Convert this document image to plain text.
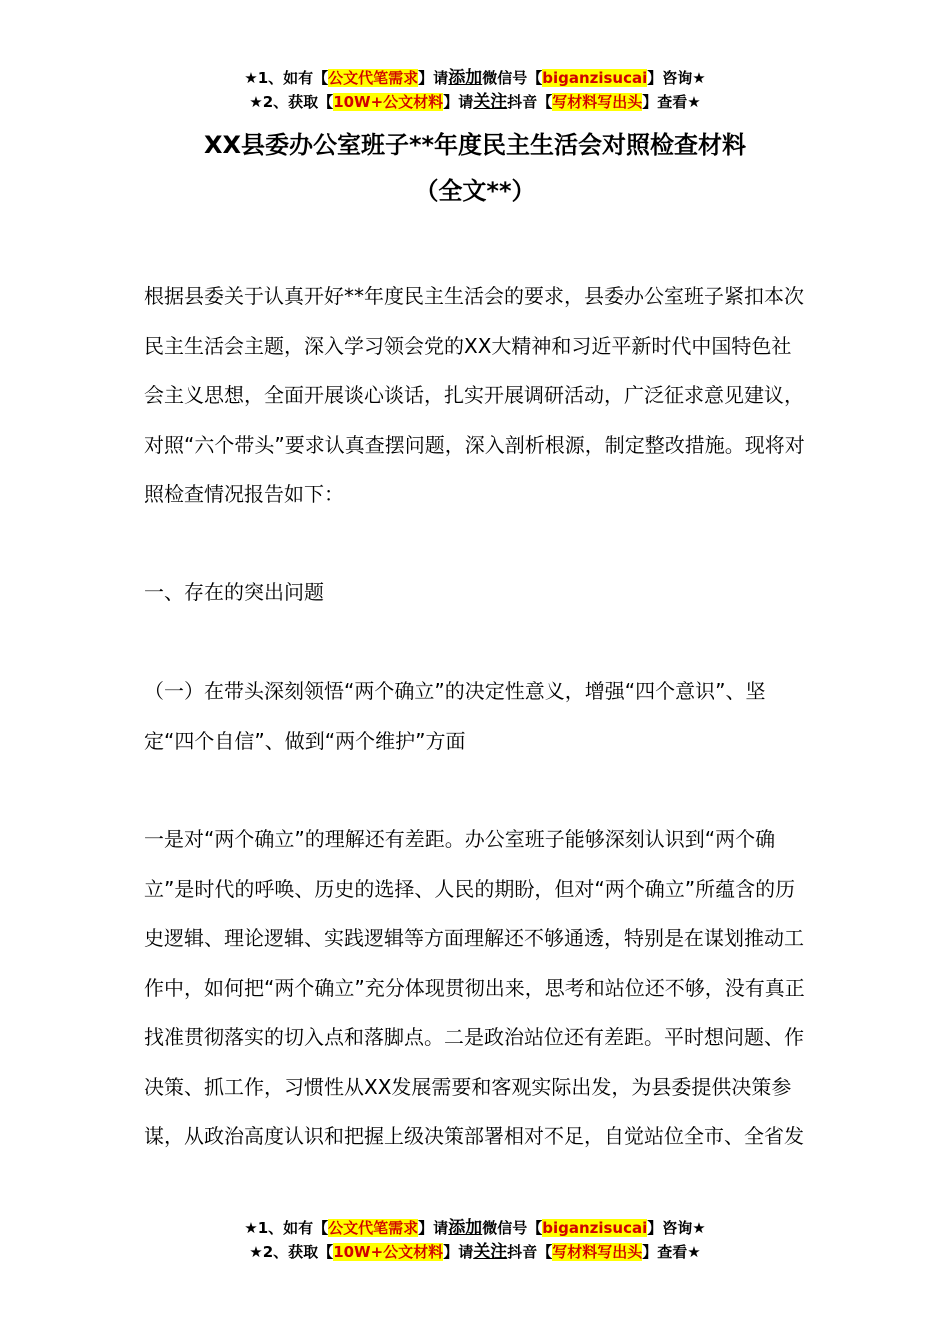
★1、如有【公文代笔需求】请添加微信号【biganzisucai】咨询★
★2、获取【10W+公文材料】请关注抖音【写材料写出头】查看★
XX县委办公室班子**年度民主生活会对照检查材料
（全文**）

根据县委关于认真开好**年度民主生活会的要求，县委办公室班子紧扣本次民主生活会主题，深入学习领会党的XX大精神和习近平新时代中国特色社会主义思想，全面开展谈心谈话，扎实开展调研活动，广泛征求意见建议，对照“六个带头”要求认真查摆问题，深入剖析根源，制定整改措施。现将对照检查情况报告如下：

一、存在的突出问题

（一）在带头深刻领悟“两个确立”的决定性意义，增强“四个意识”、坚定“四个自信”、做到“两个维护”方面

一是对“两个确立”的理解还有差距。办公室班子能够深刻认识到“两个确立”是时代的呼唤、历史的选择、人民的期盼，但对“两个确立”所蕴含的历史逻辑、理论逻辑、实践逻辑等方面理解还不够通透，特别是在谋划推动工作中，如何把“两个确立”充分体现贯彻出来，思考和站位还不够，没有真正找准贯彻落实的切入点和落脚点。二是政治站位还有差距。平时想问题、作决策、抓工作，习惯性从XX发展需要和客观实际出发，为县委提供决策参谋，从政治高度认识和把握上级决策部署相对不足，自觉站位全市、全省发

★1、如有【公文代笔需求】请添加微信号【biganzisucai】咨询★
★2、获取【10W+公文材料】请关注抖音【写材料写出头】查看★
